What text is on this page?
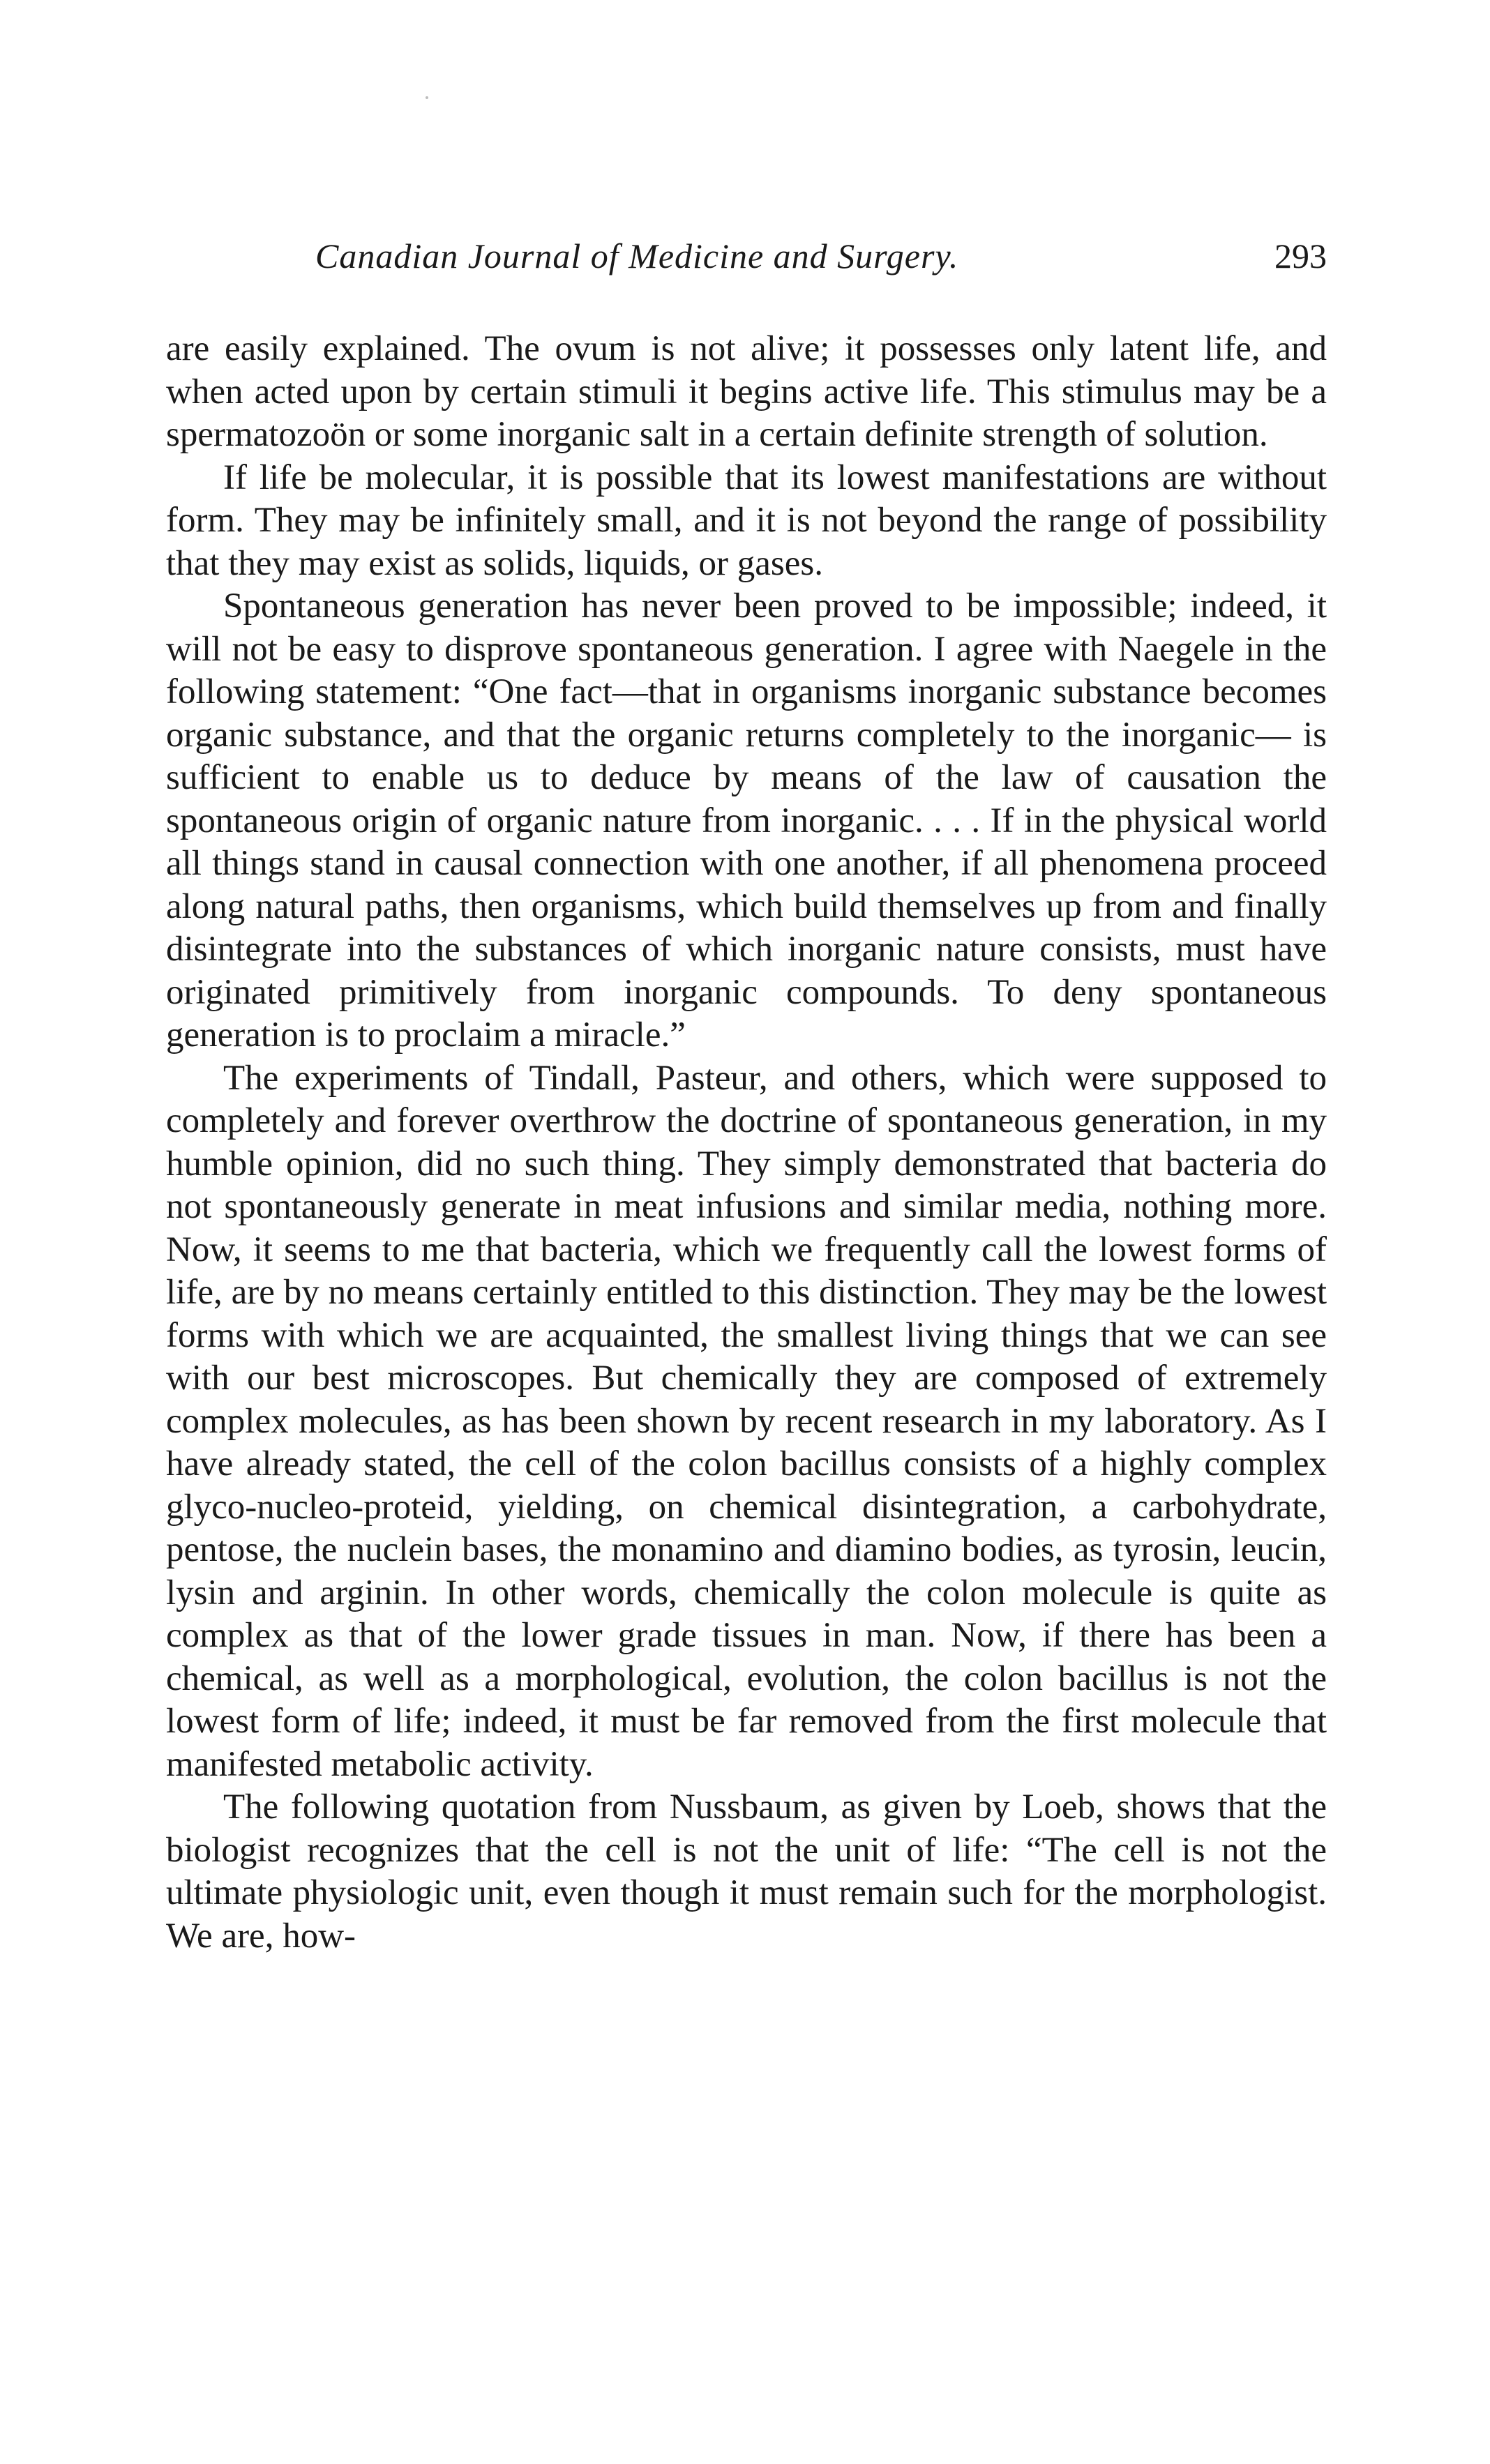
Canadian Journal of Medicine and Surgery.	293

are easily explained. The ovum is not alive; it possesses only latent life, and when acted upon by certain stimuli it begins active life. This stimulus may be a spermatozoön or some inorganic salt in a certain definite strength of solution.

If life be molecular, it is possible that its lowest manifestations are without form. They may be infinitely small, and it is not beyond the range of possibility that they may exist as solids, liquids, or gases.

Spontaneous generation has never been proved to be impossible; indeed, it will not be easy to disprove spontaneous generation. I agree with Naegele in the following statement: “One fact—that in organisms inorganic substance becomes organic substance, and that the organic returns completely to the inorganic— is sufficient to enable us to deduce by means of the law of causation the spontaneous origin of organic nature from inorganic. . . . If in the physical world all things stand in causal connection with one another, if all phenomena proceed along natural paths, then organisms, which build themselves up from and finally disintegrate into the substances of which inorganic nature consists, must have originated primitively from inorganic compounds. To deny spontaneous generation is to proclaim a miracle.”

The experiments of Tindall, Pasteur, and others, which were supposed to completely and forever overthrow the doctrine of spontaneous generation, in my humble opinion, did no such thing. They simply demonstrated that bacteria do not spontaneously generate in meat infusions and similar media, nothing more. Now, it seems to me that bacteria, which we frequently call the lowest forms of life, are by no means certainly entitled to this distinction. They may be the lowest forms with which we are acquainted, the smallest living things that we can see with our best microscopes. But chemically they are composed of extremely complex molecules, as has been shown by recent research in my laboratory. As I have already stated, the cell of the colon bacillus consists of a highly complex glyco-nucleo-proteid, yielding, on chemical disintegration, a carbohydrate, pentose, the nuclein bases, the monamino and diamino bodies, as tyrosin, leucin, lysin and arginin. In other words, chemically the colon molecule is quite as complex as that of the lower grade tissues in man. Now, if there has been a chemical, as well as a morphological, evolution, the colon bacillus is not the lowest form of life; indeed, it must be far removed from the first molecule that manifested metabolic activity.

The following quotation from Nussbaum, as given by Loeb, shows that the biologist recognizes that the cell is not the unit of life: “The cell is not the ultimate physiologic unit, even though it must remain such for the morphologist. We are, how-
